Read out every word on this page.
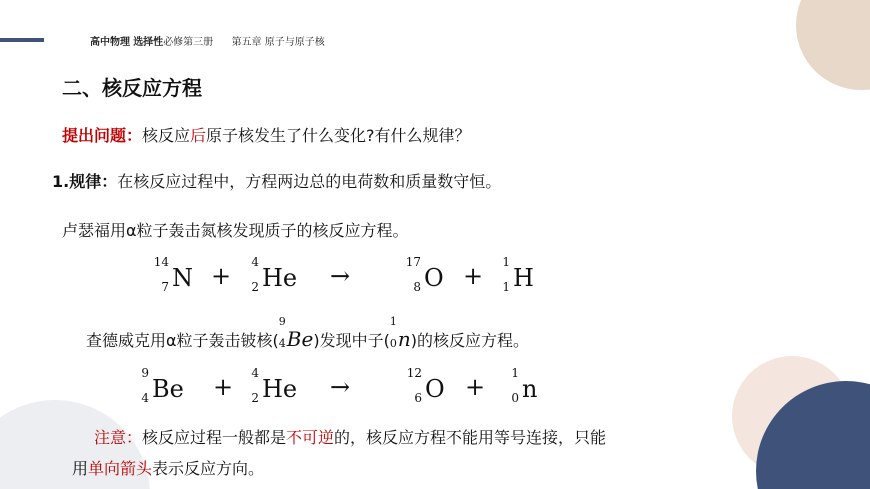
高中物理 选择性必修第三册 第五章 原子与原子核
二、核反应方程
提出问题：核反应后原子核发生了什么变化?有什么规律？
1.规律：在核反应过程中，方程两边总的电荷数和质量数守恒。
卢瑟福用α粒子轰击氮核发现质子的核反应方程。
14
7 N + 4
2 He →	17
8 O + 1
1 H
查德威克用α粒子轰击铍核(
9
4 Be)发现中子(
1
0 n)的核反应方程。
9
4 Be + 4
2 He →	12
6 O + 1
0 n
注意：核反应过程一般都是不可逆的，核反应方程不能用等号连接，只能
用单向箭头表示反应方向。
